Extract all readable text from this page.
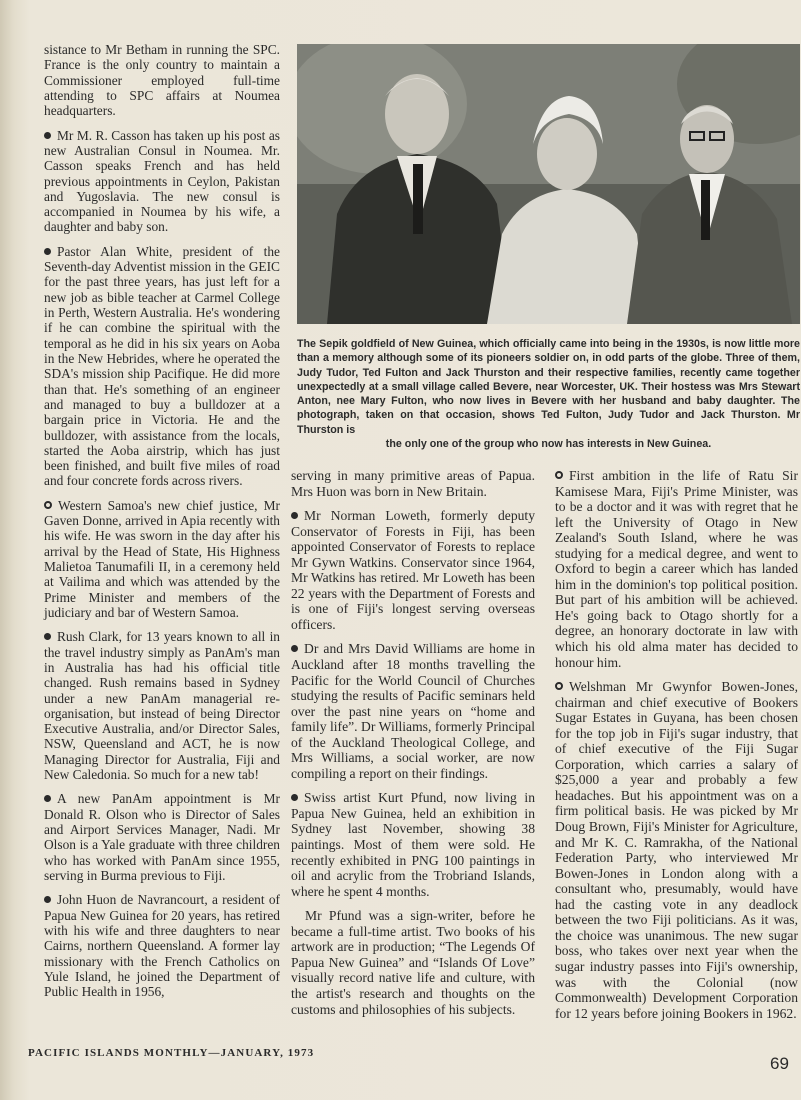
sistance to Mr Betham in running the SPC. France is the only country to maintain a Commissioner employed full-time attending to SPC affairs at Noumea headquarters.

Mr M. R. Casson has taken up his post as new Australian Consul in Noumea. Mr. Casson speaks French and has held previous appointments in Ceylon, Pakistan and Yugoslavia. The new consul is accompanied in Noumea by his wife, a daughter and baby son.

Pastor Alan White, president of the Seventh-day Adventist mission in the GEIC for the past three years, has just left for a new job as bible teacher at Carmel College in Perth, Western Australia. He's wondering if he can combine the spiritual with the temporal as he did in his six years on Aoba in the New Hebrides, where he operated the SDA's mission ship Pacifique. He did more than that. He's something of an engineer and managed to buy a bulldozer at a bargain price in Victoria. He and the bulldozer, with assistance from the locals, started the Aoba airstrip, which has just been finished, and built five miles of road and four concrete fords across rivers.

Western Samoa's new chief justice, Mr Gaven Donne, arrived in Apia recently with his wife. He was sworn in the day after his arrival by the Head of State, His Highness Malietoa Tanumafili II, in a ceremony held at Vailima and which was attended by the Prime Minister and members of the judiciary and bar of Western Samoa.

Rush Clark, for 13 years known to all in the travel industry simply as PanAm's man in Australia has had his official title changed. Rush remains based in Sydney under a new PanAm managerial re-organisation, but instead of being Director Executive Australia, and/or Director Sales, NSW, Queensland and ACT, he is now Managing Director for Australia, Fiji and New Caledonia. So much for a new tab!

A new PanAm appointment is Mr Donald R. Olson who is Director of Sales and Airport Services Manager, Nadi. Mr Olson is a Yale graduate with three children who has worked with PanAm since 1955, serving in Burma previous to Fiji.

John Huon de Navrancourt, a resident of Papua New Guinea for 20 years, has retired with his wife and three daughters to near Cairns, northern Queensland. A former lay missionary with the French Catholics on Yule Island, he joined the Department of Public Health in 1956,

The Sepik goldfield of New Guinea, which officially came into being in the 1930s, is now little more than a memory although some of its pioneers soldier on, in odd parts of the globe. Three of them, Judy Tudor, Ted Fulton and Jack Thurston and their respective families, recently came together unexpectedly at a small village called Bevere, near Worcester, UK. Their hostess was Mrs Stewart Anton, nee Mary Fulton, who now lives in Bevere with her husband and baby daughter. The photograph, taken on that occasion, shows Ted Fulton, Judy Tudor and Jack Thurston. Mr Thurston is
the only one of the group who now has interests in New Guinea.

serving in many primitive areas of Papua. Mrs Huon was born in New Britain.

Mr Norman Loweth, formerly deputy Conservator of Forests in Fiji, has been appointed Conservator of Forests to replace Mr Gywn Watkins. Conservator since 1964, Mr Watkins has retired. Mr Loweth has been 22 years with the Department of Forests and is one of Fiji's longest serving overseas officers.

Dr and Mrs David Williams are home in Auckland after 18 months travelling the Pacific for the World Council of Churches studying the results of Pacific seminars held over the past nine years on “home and family life”. Dr Williams, formerly Principal of the Auckland Theological College, and Mrs Williams, a social worker, are now compiling a report on their findings.

Swiss artist Kurt Pfund, now living in Papua New Guinea, held an exhibition in Sydney last November, showing 38 paintings. Most of them were sold. He recently exhibited in PNG 100 paintings in oil and acrylic from the Trobriand Islands, where he spent 4 months.

Mr Pfund was a sign-writer, before he became a full-time artist. Two books of his artwork are in production; “The Legends Of Papua New Guinea” and “Islands Of Love” visually record native life and culture, with the artist's research and thoughts on the customs and philosophies of his subjects.

First ambition in the life of Ratu Sir Kamisese Mara, Fiji's Prime Minister, was to be a doctor and it was with regret that he left the University of Otago in New Zealand's South Island, where he was studying for a medical degree, and went to Oxford to begin a career which has landed him in the dominion's top political position. But part of his ambition will be achieved. He's going back to Otago shortly for a degree, an honorary doctorate in law with which his old alma mater has decided to honour him.

Welshman Mr Gwynfor Bowen-Jones, chairman and chief executive of Bookers Sugar Estates in Guyana, has been chosen for the top job in Fiji's sugar industry, that of chief executive of the Fiji Sugar Corporation, which carries a salary of $25,000 a year and probably a few headaches. But his appointment was on a firm political basis. He was picked by Mr Doug Brown, Fiji's Minister for Agriculture, and Mr K. C. Ramrakha, of the National Federation Party, who interviewed Mr Bowen-Jones in London along with a consultant who, presumably, would have had the casting vote in any deadlock between the two Fiji politicians. As it was, the choice was unanimous. The new sugar boss, who takes over next year when the sugar industry passes into Fiji's ownership, was with the Colonial (now Commonwealth) Development Corporation for 12 years before joining Bookers in 1962.

PACIFIC ISLANDS MONTHLY—JANUARY, 1973
69
